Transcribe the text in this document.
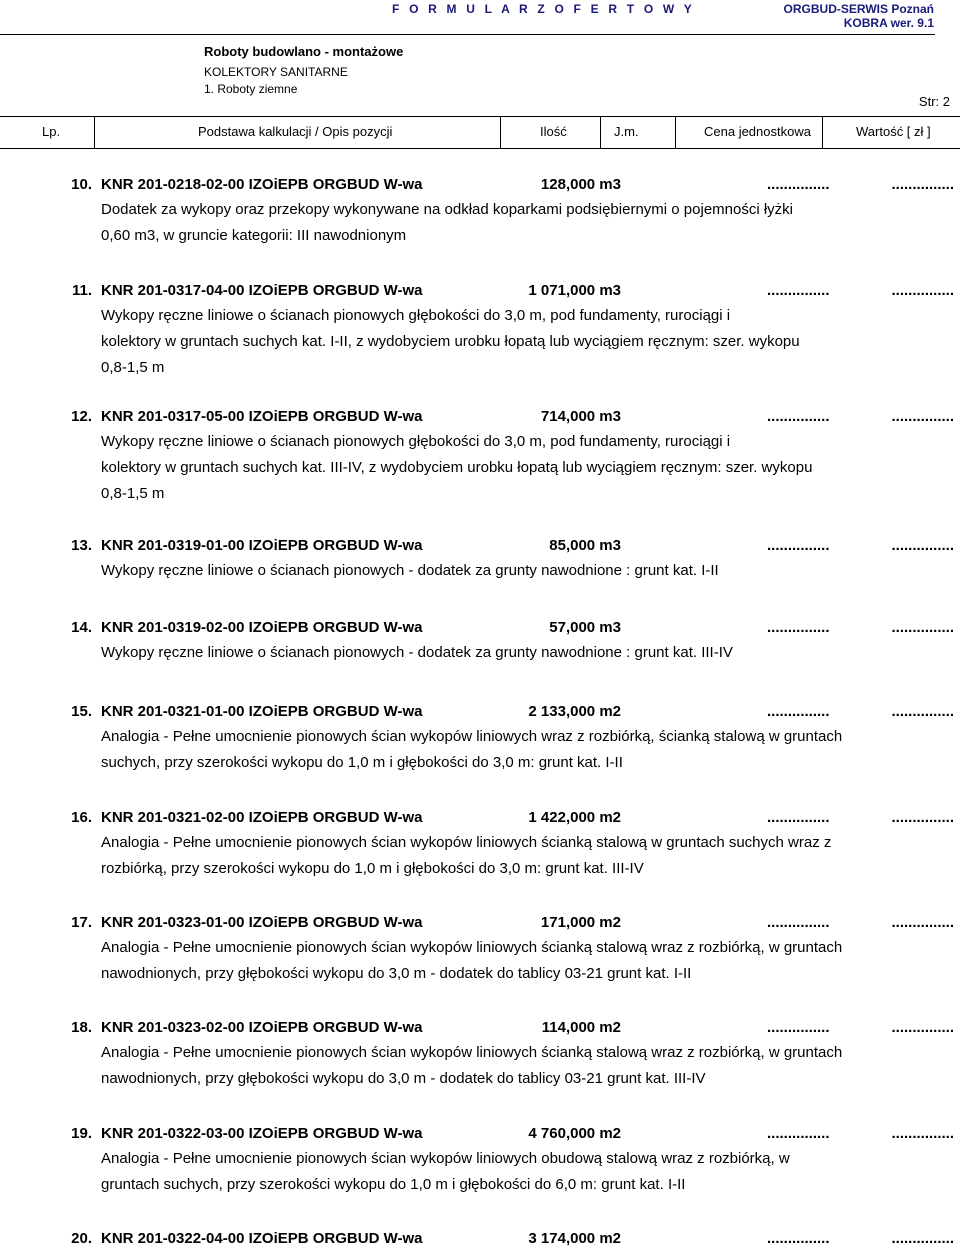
F O R M U L A R Z O F E R T O W Y	ORGBUD-SERWIS Poznań
KOBRA wer. 9.1
Roboty budowlano - montażowe
KOLEKTORY SANITARNE
1. Roboty ziemne
Str: 2
Lp.	Podstawa kalkulacji / Opis pozycji	Ilość	J.m.	Cena jednostkowa	Wartość [ zł ]
10. KNR 201-0218-02-00 IZOiEPB ORGBUD W-wa	128,000 m3	...............	...............
Dodatek za wykopy oraz przekopy wykonywane na odkład koparkami podsiębiernymi o pojemności łyżki
0,60 m3, w gruncie kategorii: III nawodnionym
11. KNR 201-0317-04-00 IZOiEPB ORGBUD W-wa	1 071,000 m3	...............	...............
Wykopy ręczne liniowe o ścianach pionowych głębokości do 3,0 m, pod fundamenty, rurociągi i
kolektory w gruntach suchych kat. I-II, z wydobyciem urobku łopatą lub wyciągiem ręcznym: szer. wykopu
0,8-1,5 m
12. KNR 201-0317-05-00 IZOiEPB ORGBUD W-wa	714,000 m3	...............	...............
Wykopy ręczne liniowe o ścianach pionowych głębokości do 3,0 m, pod fundamenty, rurociągi i
kolektory w gruntach suchych kat. III-IV, z wydobyciem urobku łopatą lub wyciągiem ręcznym: szer. wykopu
0,8-1,5 m
13. KNR 201-0319-01-00 IZOiEPB ORGBUD W-wa	85,000 m3	...............	...............
Wykopy ręczne liniowe o ścianach pionowych - dodatek za grunty nawodnione : grunt kat. I-II
14. KNR 201-0319-02-00 IZOiEPB ORGBUD W-wa	57,000 m3	...............	...............
Wykopy ręczne liniowe o ścianach pionowych - dodatek za grunty nawodnione : grunt kat. III-IV
15. KNR 201-0321-01-00 IZOiEPB ORGBUD W-wa	2 133,000 m2	...............	...............
Analogia - Pełne umocnienie pionowych ścian wykopów liniowych wraz z rozbiórką, ścianką stalową w gruntach
suchych, przy szerokości wykopu do 1,0 m i głębokości do 3,0 m: grunt kat. I-II
16. KNR 201-0321-02-00 IZOiEPB ORGBUD W-wa	1 422,000 m2	...............	...............
Analogia - Pełne umocnienie pionowych ścian wykopów liniowych ścianką stalową w gruntach suchych wraz z
rozbiórką, przy szerokości wykopu do 1,0 m i głębokości do 3,0 m: grunt kat. III-IV
17. KNR 201-0323-01-00 IZOiEPB ORGBUD W-wa	171,000 m2	...............	...............
Analogia - Pełne umocnienie pionowych ścian wykopów liniowych ścianką stalową wraz z rozbiórką, w gruntach
nawodnionych, przy głębokości wykopu do 3,0 m - dodatek do tablicy 03-21 grunt kat. I-II
18. KNR 201-0323-02-00 IZOiEPB ORGBUD W-wa	114,000 m2	...............	...............
Analogia - Pełne umocnienie pionowych ścian wykopów liniowych ścianką stalową wraz z rozbiórką, w gruntach
nawodnionych, przy głębokości wykopu do 3,0 m - dodatek do tablicy 03-21 grunt kat. III-IV
19. KNR 201-0322-03-00 IZOiEPB ORGBUD W-wa	4 760,000 m2	...............	...............
Analogia - Pełne umocnienie pionowych ścian wykopów liniowych obudową stalową wraz z rozbiórką, w
gruntach suchych, przy szerokości wykopu do 1,0 m i głębokości do 6,0 m: grunt kat. I-II
20. KNR 201-0322-04-00 IZOiEPB ORGBUD W-wa	3 174,000 m2	...............	...............
